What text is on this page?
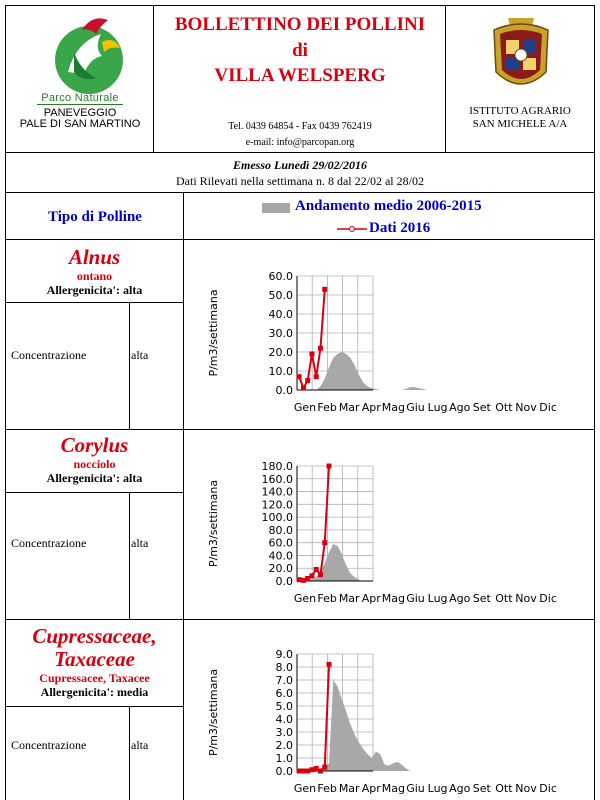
Parco Naturale
PANEVEGGIO
PALE DI SAN MARTINO
BOLLETTINO DEI POLLINI
di
VILLA WELSPERG
Tel. 0439 64854 - Fax 0439 762419
e-mail: info@parcopan.org
ISTITUTO AGRARIO
SAN MICHELE A/A
Emesso Lunedì 29/02/2016
Dati Rilevati nella settimana n. 8 dal 22/02 al 28/02
Tipo di Polline
Andamento medio 2006-2015
Dati 2016
Alnus
ontano
Allergenicita': alta
Concentrazione	alta
0.0
10.0
20.0
30.0
40.0
50.0
60.0
Gen Feb Mar Apr Mag Giu Lug Ago Set Ott Nov Dic
P/m3/settimana
Corylus
nocciolo
Allergenicita': alta
Concentrazione	alta
0.0
20.0
40.0
60.0
80.0
100.0
120.0
140.0
160.0
180.0
Gen Feb Mar Apr Mag Giu Lug Ago Set Ott Nov Dic
P/m3/settimana
Cupressaceae,
Taxaceae
Cupressacee, Taxacee
Allergenicita': media
Concentrazione	alta
0.0
1.0
2.0
3.0
4.0
5.0
6.0
7.0
8.0
9.0
Gen Feb Mar Apr Mag Giu Lug Ago Set Ott Nov Dic
P/m3/settimana
